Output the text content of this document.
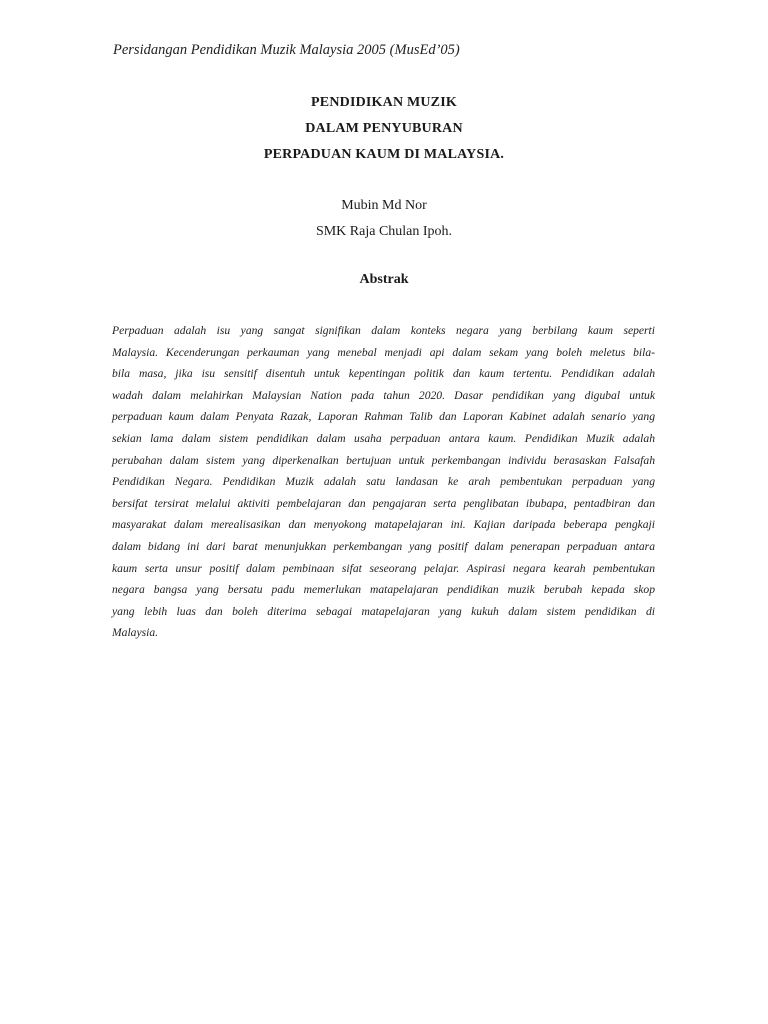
Persidangan Pendidikan Muzik Malaysia 2005 (MusEd’05)
PENDIDIKAN MUZIK
DALAM PENYUBURAN
PERPADUAN KAUM DI MALAYSIA.
Mubin Md Nor
SMK Raja Chulan Ipoh.
Abstrak
Perpaduan adalah isu yang sangat signifikan dalam konteks negara yang berbilang kaum seperti
Malaysia. Kecenderungan perkauman yang menebal menjadi api dalam sekam yang boleh meletus bila-
bila masa, jika isu sensitif disentuh untuk kepentingan politik dan kaum tertentu. Pendidikan adalah
wadah dalam melahirkan Malaysian Nation pada tahun 2020. Dasar pendidikan yang digubal untuk
perpaduan kaum dalam Penyata Razak, Laporan Rahman Talib dan Laporan Kabinet adalah senario yang
sekian lama dalam sistem pendidikan dalam usaha perpaduan antara kaum. Pendidikan Muzik adalah
perubahan dalam sistem yang diperkenalkan bertujuan untuk perkembangan individu berasaskan Falsafah
Pendidikan Negara. Pendidikan Muzik adalah satu landasan ke arah pembentukan perpaduan yang
bersifat tersirat melalui aktiviti pembelajaran dan pengajaran serta penglibatan ibubapa, pentadbiran dan
masyarakat dalam merealisasikan dan menyokong matapelajaran ini. Kajian daripada beberapa pengkaji
dalam bidang ini dari barat menunjukkan perkembangan yang positif dalam penerapan perpaduan antara
kaum serta unsur positif dalam pembinaan sifat seseorang pelajar. Aspirasi negara kearah pembentukan
negara bangsa yang bersatu padu memerlukan matapelajaran pendidikan muzik berubah kepada skop
yang lebih luas dan boleh diterima sebagai matapelajaran yang kukuh dalam sistem pendidikan di
Malaysia.
